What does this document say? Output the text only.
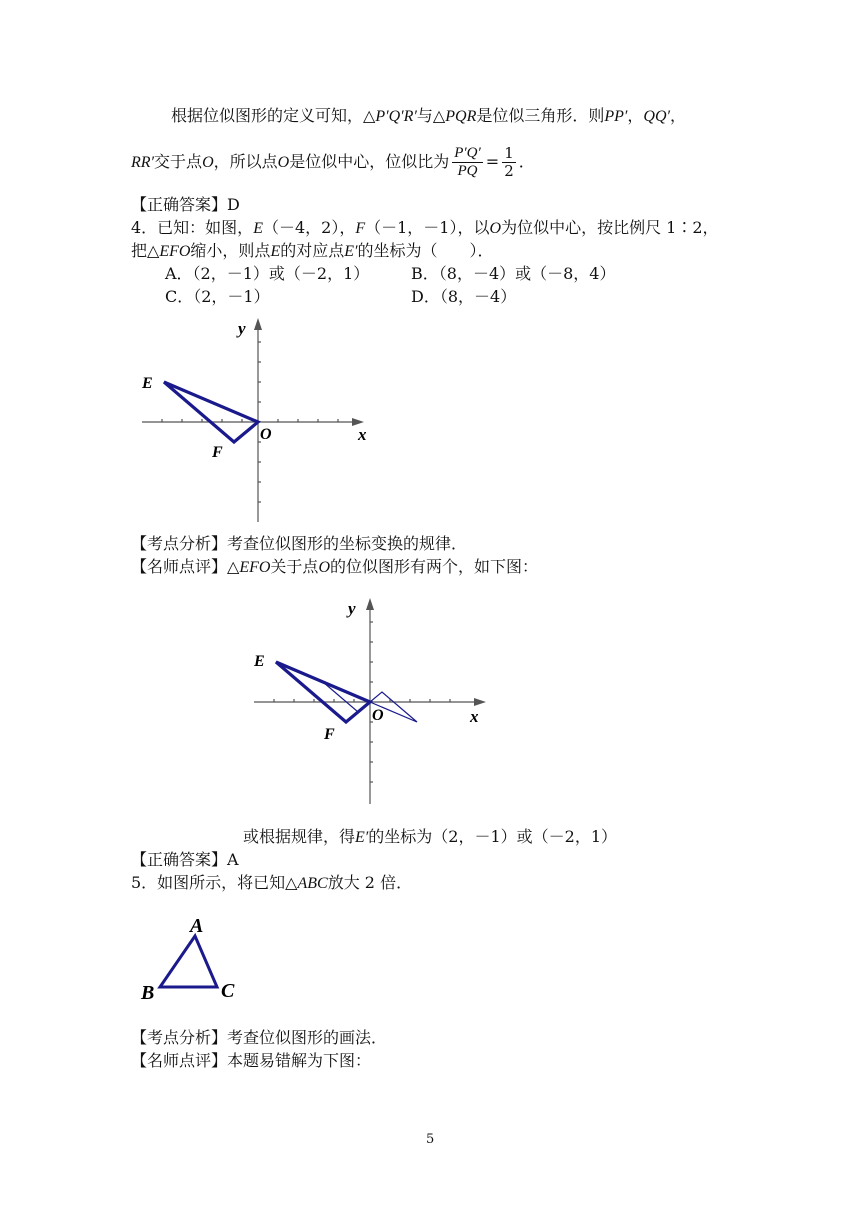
根据位似图形的定义可知，△P′Q′R′与△PQR是位似三角形．则PP′，QQ′，
RR′交于点O，所以点O是位似中心，位似比为 $\frac{P'Q'}{PQ} = \frac{1}{2}$ ．
【正确答案】D
4．已知：如图，E（－4，2），F（－1，－1），以O为位似中心，按比例尺 1∶2，
把△EFO缩小，则点E的对应点E′的坐标为（　　）．
A．（2，－1）或（－2，1）	B．（8，－4）或（－8，4）
C．（2，－1）	D．（8，－4）
y
x
E
F
O
【考点分析】考查位似图形的坐标变换的规律．
【名师点评】△EFO关于点O的位似图形有两个，如下图：
y
x
E
F
O
或根据规律，得E′的坐标为（2，－1）或（－2，1）
【正确答案】A
5．如图所示，将已知△ABC放大 2 倍．
A
B	C
【考点分析】考查位似图形的画法．
【名师点评】本题易错解为下图：
5
